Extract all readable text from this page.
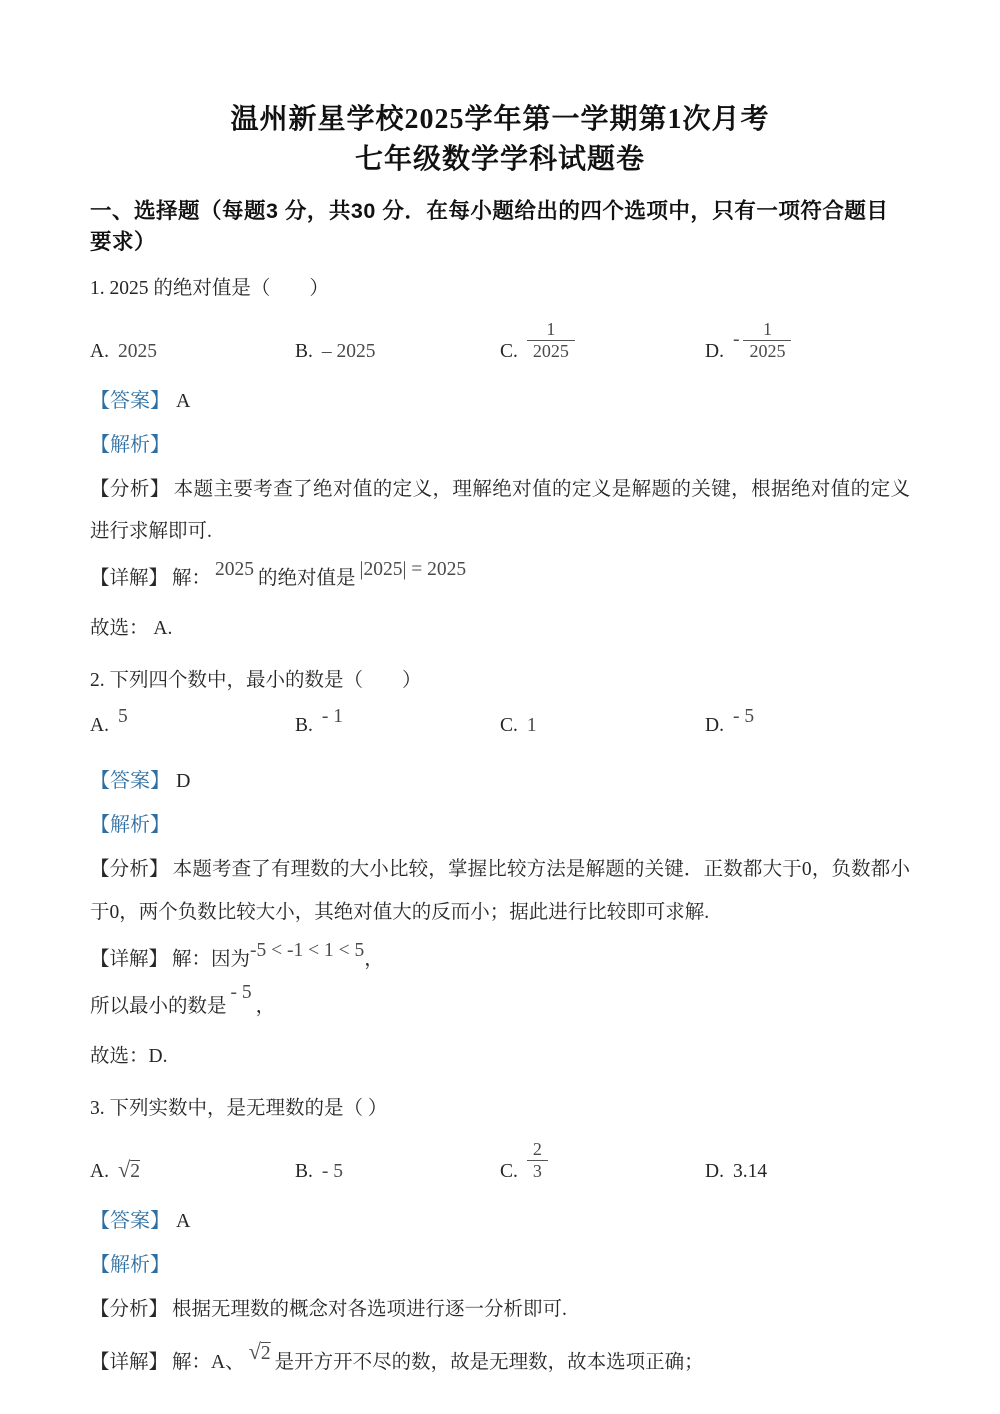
温州新星学校2025学年第一学期第1次月考
七年级数学学科试题卷
一、选择题（每题3 分，共30 分．在每小题给出的四个选项中，只有一项符合题目要求）
1. 2025 的绝对值是（　　）
A. 2025	B. – 2025	C. $\frac{1}{2025}$	$D.- \frac{1}{2025}$
【答案】 A
【解析】
【分析】 本题主要考查了绝对值的定义，理解绝对值的定义是解题的关键，根据绝对值的定义进行求解即可.
【详解】 解： 2025 的绝对值是 |2025| = 2025
故选： A.
2. 下列四个数中，最小的数是（　　）
A. 5	B. - 1	C. 1	D. - 5
【答案】 D
【解析】
【分析】 本题考查了有理数的大小比较，掌握比较方法是解题的关键．正数都大于0，负数都小于0，两个负数比较大小，其绝对值大的反而小；据此进行比较即可求解.
【详解】 解：因为-5 < -1 < 1 < 5，
所以最小的数是- 5，
故选：D.
3. 下列实数中，是无理数的是（ ）
A. √2	B. - 5	C. $\frac{2}{3}$	D. 3.14
【答案】 A
【解析】
【分析】 根据无理数的概念对各选项进行逐一分析即可.
【详解】 解：A、 √2 是开方开不尽的数，故是无理数，故本选项正确；
